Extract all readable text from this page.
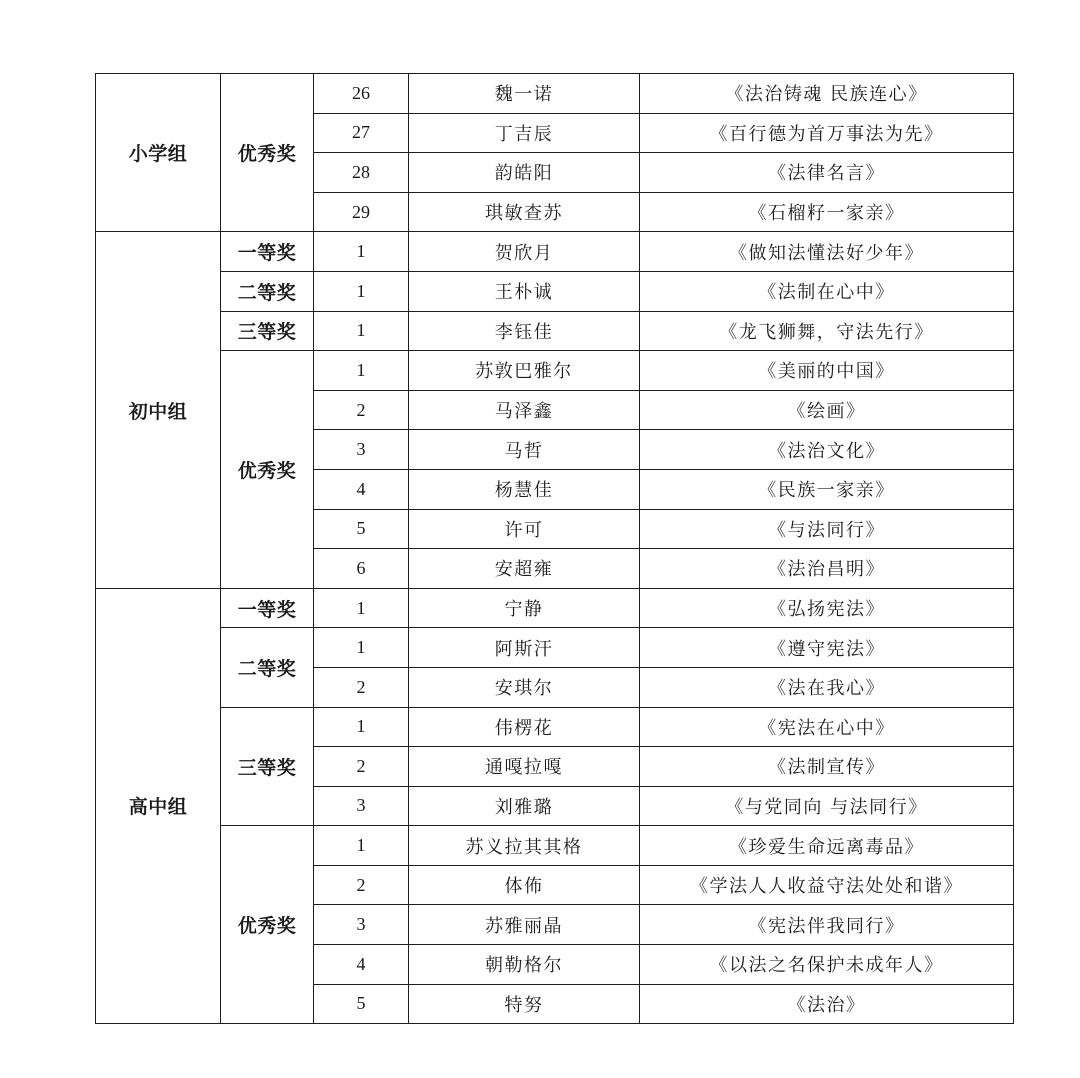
小学组	优秀奖	26	魏一诺	《法治铸魂 民族连心》
		27	丁吉辰	《百行德为首万事法为先》
		28	韵皓阳	《法律名言》
		29	琪敏查苏	《石榴籽一家亲》
初中组	一等奖	1	贺欣月	《做知法懂法好少年》
	二等奖	1	王朴诚	《法制在心中》
	三等奖	1	李钰佳	《龙飞狮舞，守法先行》
	优秀奖	1	苏敦巴雅尔	《美丽的中国》
		2	马泽鑫	《绘画》
		3	马哲	《法治文化》
		4	杨慧佳	《民族一家亲》
		5	许可	《与法同行》
		6	安超雍	《法治昌明》
高中组	一等奖	1	宁静	《弘扬宪法》
	二等奖	1	阿斯汗	《遵守宪法》
		2	安琪尔	《法在我心》
	三等奖	1	伟楞花	《宪法在心中》
		2	通嘎拉嘎	《法制宣传》
		3	刘雅璐	《与党同向 与法同行》
	优秀奖	1	苏义拉其其格	《珍爱生命远离毒品》
		2	体佈	《学法人人收益守法处处和谐》
		3	苏雅丽晶	《宪法伴我同行》
		4	朝勒格尔	《以法之名保护未成年人》
		5	特努	《法治》
